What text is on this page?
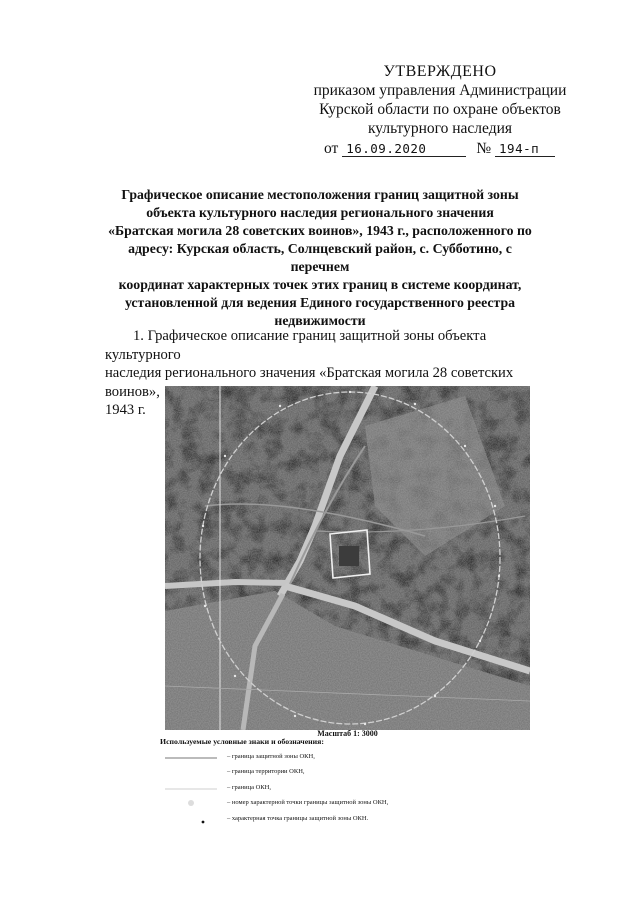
УТВЕРЖДЕНО
приказом управления Администрации
Курской области по охране объектов
культурного наследия
от 16.09.2020	№ 194-п
Графическое описание местоположения границ защитной зоны
объекта культурного наследия регионального значения
«Братская могила 28 советских воинов», 1943 г., расположенного по
адресу: Курская область, Солнцевский район, с. Субботино, с перечнем
координат характерных точек этих границ в системе координат,
установленной для ведения Единого государственного реестра
недвижимости
1. Графическое описание границ защитной зоны объекта культурного
наследия регионального значения «Братская могила 28 советских воинов»,
1943 г.
Масштаб 1: 3000
Используемые условные знаки и обозначения:
– граница защитной зоны ОКН,
– граница территории ОКН,
– граница ОКН,
– номер характерной точки границы защитной зоны ОКН,
– характерная точка границы защитной зоны ОКН.
